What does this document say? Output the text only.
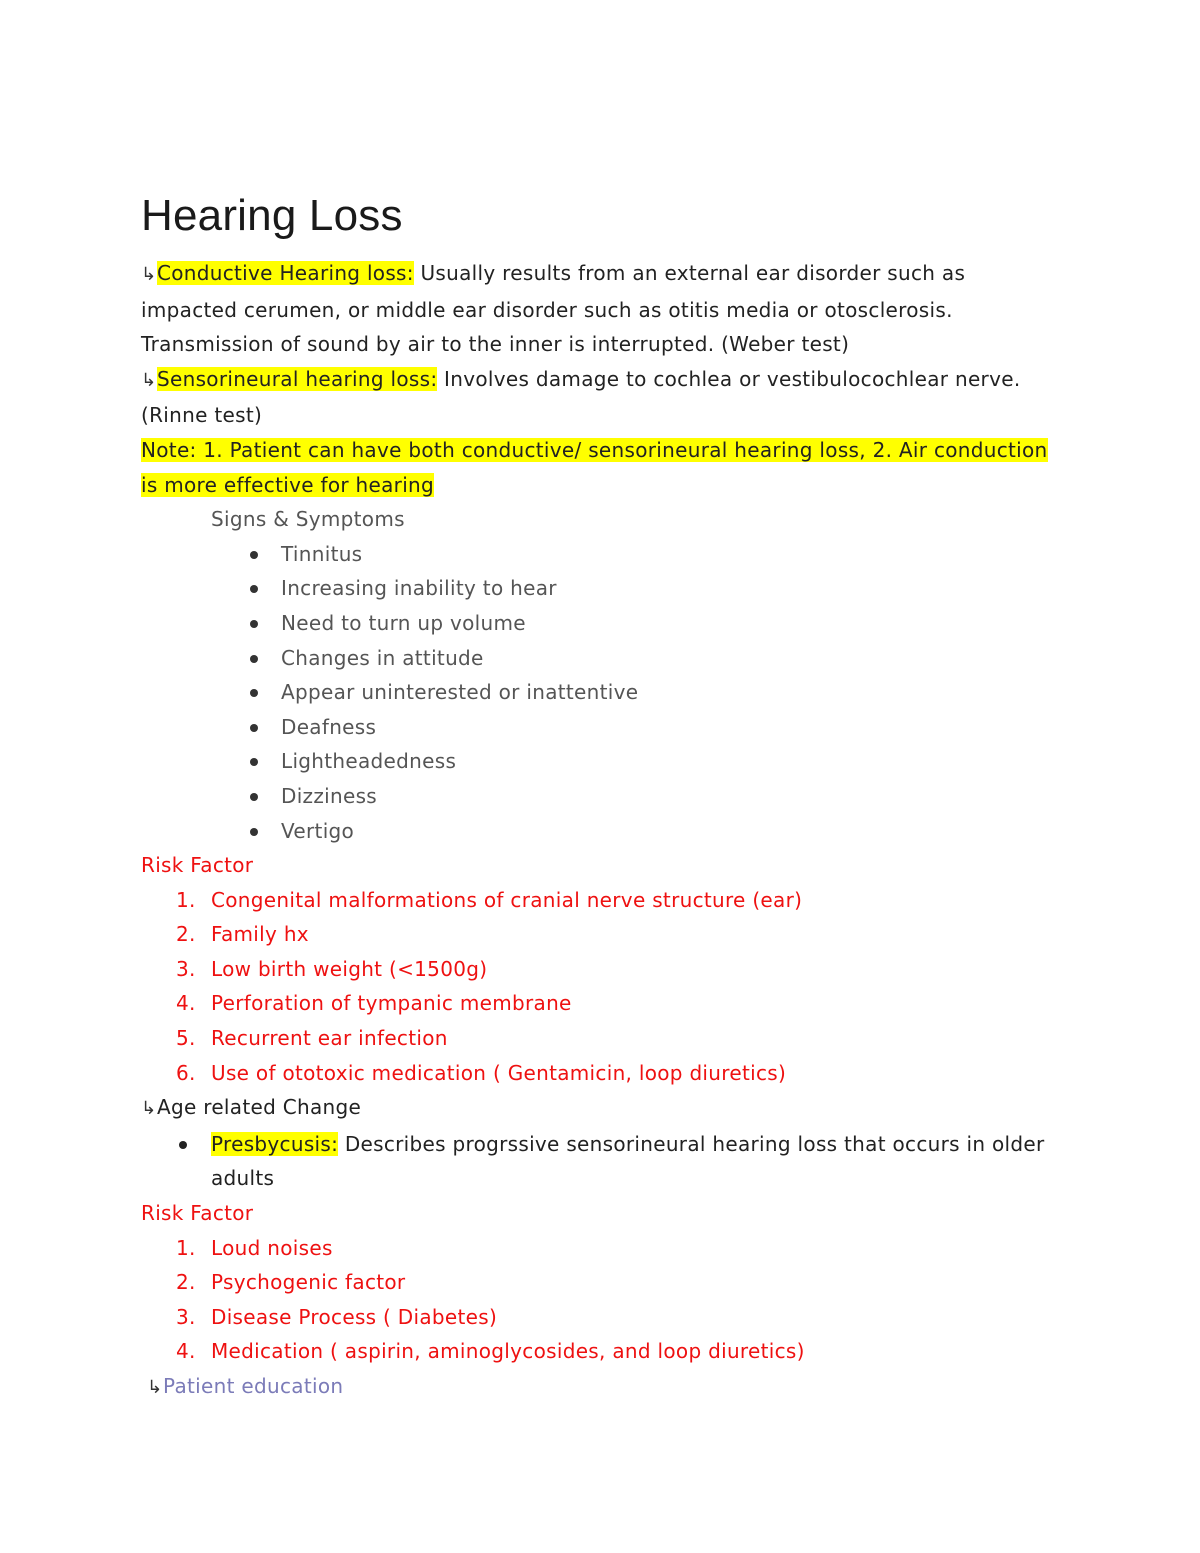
Hearing Loss

↳Conductive Hearing loss: Usually results from an external ear disorder such as impacted cerumen, or middle ear disorder such as otitis media or otosclerosis. Transmission of sound by air to the inner is interrupted. (Weber test)

↳Sensorineural hearing loss: Involves damage to cochlea or vestibulocochlear nerve. (Rinne test)

Note: 1. Patient can have both conductive/ sensorineural hearing loss, 2. Air conduction is more effective for hearing

Signs & Symptoms

Tinnitus
Increasing inability to hear
Need to turn up volume
Changes in attitude
Appear uninterested or inattentive
Deafness
Lightheadedness
Dizziness
Vertigo

Risk Factor

1. Congenital malformations of cranial nerve structure (ear)
2. Family hx
3. Low birth weight (<1500g)
4. Perforation of tympanic membrane
5. Recurrent ear infection
6. Use of ototoxic medication ( Gentamicin, loop diuretics)

↳Age related Change

Presbycusis: Describes progrssive sensorineural hearing loss that occurs in older adults

Risk Factor

1. Loud noises
2. Psychogenic factor
3. Disease Process ( Diabetes)
4. Medication ( aspirin, aminoglycosides, and loop diuretics)

↳Patient education
